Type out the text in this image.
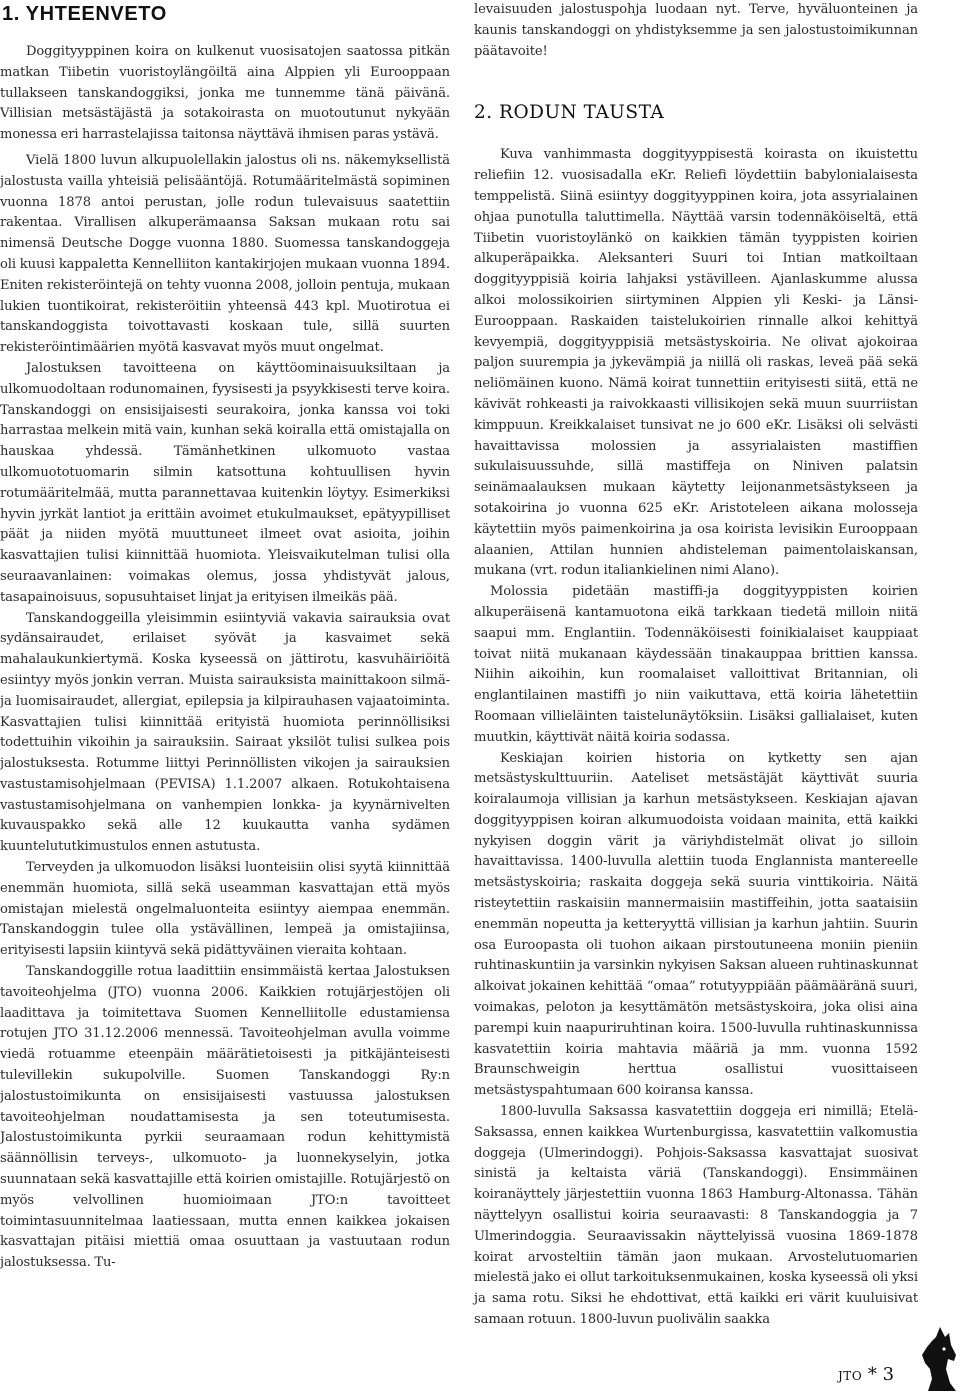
1. YHTEENVETO

Doggityyppinen koira on kulkenut vuosisatojen saatossa pitkän matkan Tiibetin vuoristoylängöiltä aina Alppien yli Eurooppaan tullakseen tanskandoggiksi, jonka me tunnemme tänä päivänä. Villisian metsästäjästä ja sotakoirasta on muotoutunut nykyään monessa eri harrastelajissa taitonsa näyttävä ihmisen paras ystävä.

Vielä 1800 luvun alkupuolellakin jalostus oli ns. näkemyksellistä jalostusta vailla yhteisiä pelisääntöjä. Rotumääritelmästä sopiminen vuonna 1878 antoi perustan, jolle rodun tulevaisuus saatettiin rakentaa. Virallisen alkuperämaansa Saksan mukaan rotu sai nimensä Deutsche Dogge vuonna 1880. Suomessa tanskandoggeja oli kuusi kappaletta Kennelliiton kantakirjojen mukaan vuonna 1894. Eniten rekisteröintejä on tehty vuonna 2008, jolloin pentuja, mukaan lukien tuontikoirat, rekisteröitiin yhteensä 443 kpl. Muotirotua ei tanskandoggista toivottavasti koskaan tule, sillä suurten rekisteröintimäärien myötä kasvavat myös muut ongelmat.

Jalostuksen tavoitteena on käyttöominaisuuksiltaan ja ulkomuodoltaan rodunomainen, fyysisesti ja psyykkisesti terve koira. Tanskandoggi on ensisijaisesti seurakoira, jonka kanssa voi toki harrastaa melkein mitä vain, kunhan sekä koiralla että omistajalla on hauskaa yhdessä. Tämänhetkinen ulkomuoto vastaa ulkomuototuomarin silmin katsottuna kohtuullisen hyvin rotumääritelmää, mutta parannettavaa kuitenkin löytyy. Esimerkiksi hyvin jyrkät lantiot ja erittäin avoimet etukulmaukset, epätyypilliset päät ja niiden myötä muuttuneet ilmeet ovat asioita, joihin kasvattajien tulisi kiinnittää huomiota. Yleisvaikutelman tulisi olla seuraavanlainen: voimakas olemus, jossa yhdistyvät jalous, tasapainoisuus, sopusuhtaiset linjat ja erityisen ilmeikäs pää.

Tanskandoggeilla yleisimmin esiintyviä vakavia sairauksia ovat sydänsairaudet, erilaiset syövät ja kasvaimet sekä mahalaukunkiertymä. Koska kyseessä on jättirotu, kasvuhäiriöitä esiintyy myös jonkin verran. Muista sairauksista mainittakoon silmä- ja luomisairaudet, allergiat, epilepsia ja kilpirauhasen vajaatoiminta. Kasvattajien tulisi kiinnittää erityistä huomiota perinnöllisiksi todettuihin vikoihin ja sairauksiin. Sairaat yksilöt tulisi sulkea pois jalostuksesta. Rotumme liittyi Perinnöllisten vikojen ja sairauksien vastustamisohjelmaan (PEVISA) 1.1.2007 alkaen. Rotukohtaisena vastustamisohjelmana on vanhempien lonkka- ja kyynärnivelten kuvauspakko sekä alle 12 kuukautta vanha sydämen kuuntelututkimustulos ennen astutusta.

Terveyden ja ulkomuodon lisäksi luonteisiin olisi syytä kiinnittää enemmän huomiota, sillä sekä useamman kasvattajan että myös omistajan mielestä ongelmaluonteita esiintyy aiempaa enemmän. Tanskandoggin tulee olla ystävällinen, lempeä ja omistajiinsa, erityisesti lapsiin kiintyvä sekä pidättyväinen vieraita kohtaan.

Tanskandoggille rotua laadittiin ensimmäistä kertaa Jalostuksen tavoiteohjelma (JTO) vuonna 2006. Kaikkien rotujärjestöjen oli laadittava ja toimitettava Suomen Kennelliitolle edustamiensa rotujen JTO 31.12.2006 mennessä. Tavoiteohjelman avulla voimme viedä rotuamme eteenpäin määrätietoisesti ja pitkäjänteisesti tulevillekin sukupolville. Suomen Tanskandoggi Ry:n jalostustoimikunta on ensisijaisesti vastuussa jalostuksen tavoiteohjelman noudattamisesta ja sen toteutumisesta. Jalostustoimikunta pyrkii seuraamaan rodun kehittymistä säännöllisin terveys-, ulkomuoto- ja luonnekyselyin, jotka suunnataan sekä kasvattajille että koirien omistajille. Rotujärjestö on myös velvollinen huomioimaan JTO:n tavoitteet toimintasuunnitelmaa laatiessaan, mutta ennen kaikkea jokaisen kasvattajan pitäisi miettiä omaa osuuttaan ja vastuutaan rodun jalostuksessa. Tu-

levaisuuden jalostuspohja luodaan nyt. Terve, hyväluonteinen ja kaunis tanskandoggi on yhdistyksemme ja sen jalostustoimikunnan päätavoite!

2. RODUN TAUSTA

Kuva vanhimmasta doggityyppisestä koirasta on ikuistettu reliefiin 12. vuosisadalla eKr. Reliefi löydettiin babylonialaisesta temppelistä. Siinä esiintyy doggityyppinen koira, jota assyrialainen ohjaa punotulla taluttimella. Näyttää varsin todennäköiseltä, että Tiibetin vuoristoylänkö on kaikkien tämän tyyppisten koirien alkuperäpaikka. Aleksanteri Suuri toi Intian matkoiltaan doggityyppisiä koiria lahjaksi ystävilleen. Ajanlaskumme alussa alkoi molossikoirien siirtyminen Alppien yli Keski- ja Länsi-Eurooppaan. Raskaiden taistelukoirien rinnalle alkoi kehittyä kevyempiä, doggityyppisiä metsästyskoiria. Ne olivat ajokoiraa paljon suurempia ja jykevämpiä ja niillä oli raskas, leveä pää sekä neliömäinen kuono. Nämä koirat tunnettiin erityisesti siitä, että ne kävivät rohkeasti ja raivokkaasti villisikojen sekä muun suurriistan kimppuun. Kreikkalaiset tunsivat ne jo 600 eKr. Lisäksi oli selvästi havaittavissa molossien ja assyrialaisten mastiffien sukulaisuussuhde, sillä mastiffeja on Niniven palatsin seinämaalauksen mukaan käytetty leijonanmetsästykseen ja sotakoirina jo vuonna 625 eKr. Aristoteleen aikana molosseja käytettiin myös paimenkoirina ja osa koirista levisikin Eurooppaan alaanien, Attilan hunnien ahdisteleman paimentolaiskansan, mukana (vrt. rodun italiankielinen nimi Alano).

Molossia pidetään mastiffi-ja doggityyppisten koirien alkuperäisenä kantamuotona eikä tarkkaan tiedetä milloin niitä saapui mm. Englantiin. Todennäköisesti foinikialaiset kauppiaat toivat niitä mukanaan käydessään tinakauppaa brittien kanssa. Niihin aikoihin, kun roomalaiset valloittivat Britannian, oli englantilainen mastiffi jo niin vaikuttava, että koiria lähetettiin Roomaan villieläinten taistelunäytöksiin. Lisäksi gallialaiset, kuten muutkin, käyttivät näitä koiria sodassa.

Keskiajan koirien historia on kytketty sen ajan metsästyskulttuuriin. Aateliset metsästäjät käyttivät suuria koiralaumoja villisian ja karhun metsästykseen. Keskiajan ajavan doggityyppisen koiran alkumuodoista voidaan mainita, että kaikki nykyisen doggin värit ja väriyhdistelmät olivat jo silloin havaittavissa. 1400-luvulla alettiin tuoda Englannista mantereelle metsästyskoiria; raskaita doggeja sekä suuria vinttikoiria. Näitä risteytettiin raskaisiin mannermaisiin mastiffeihin, jotta saataisiin enemmän nopeutta ja ketteryyttä villisian ja karhun jahtiin. Suurin osa Euroopasta oli tuohon aikaan pirstoutuneena moniin pieniin ruhtinaskuntiin ja varsinkin nykyisen Saksan alueen ruhtinaskunnat alkoivat jokainen kehittää “omaa” rotutyyppiään päämääränä suuri, voimakas, peloton ja kesyttämätön metsästyskoira, joka olisi aina parempi kuin naapuriruhtinan koira. 1500-luvulla ruhtinaskunnissa kasvatettiin koiria mahtavia määriä ja mm. vuonna 1592 Braunschweigin herttua osallistui vuosittaiseen metsästyspahtumaan 600 koiransa kanssa.

1800-luvulla Saksassa kasvatettiin doggeja eri nimillä; Etelä-Saksassa, ennen kaikkea Wurtenburgissa, kasvatettiin valkomustia doggeja (Ulmerindoggi). Pohjois-Saksassa kasvattajat suosivat sinistä ja keltaista väriä (Tanskandoggi). Ensimmäinen koiranäyttely järjestettiin vuonna 1863 Hamburg-Altonassa. Tähän näyttelyyn osallistui koiria seuraavasti: 8 Tanskandoggia ja 7 Ulmerindoggia. Seuraavissakin näyttelyissä vuosina 1869-1878 koirat arvosteltiin tämän jaon mukaan. Arvostelutuomarien mielestä jako ei ollut tarkoituksenmukainen, koska kyseessä oli yksi ja sama rotu. Siksi he ehdottivat, että kaikki eri värit kuuluisivat samaan rotuun. 1800-luvun puolivälin saakka

JTO * 3
